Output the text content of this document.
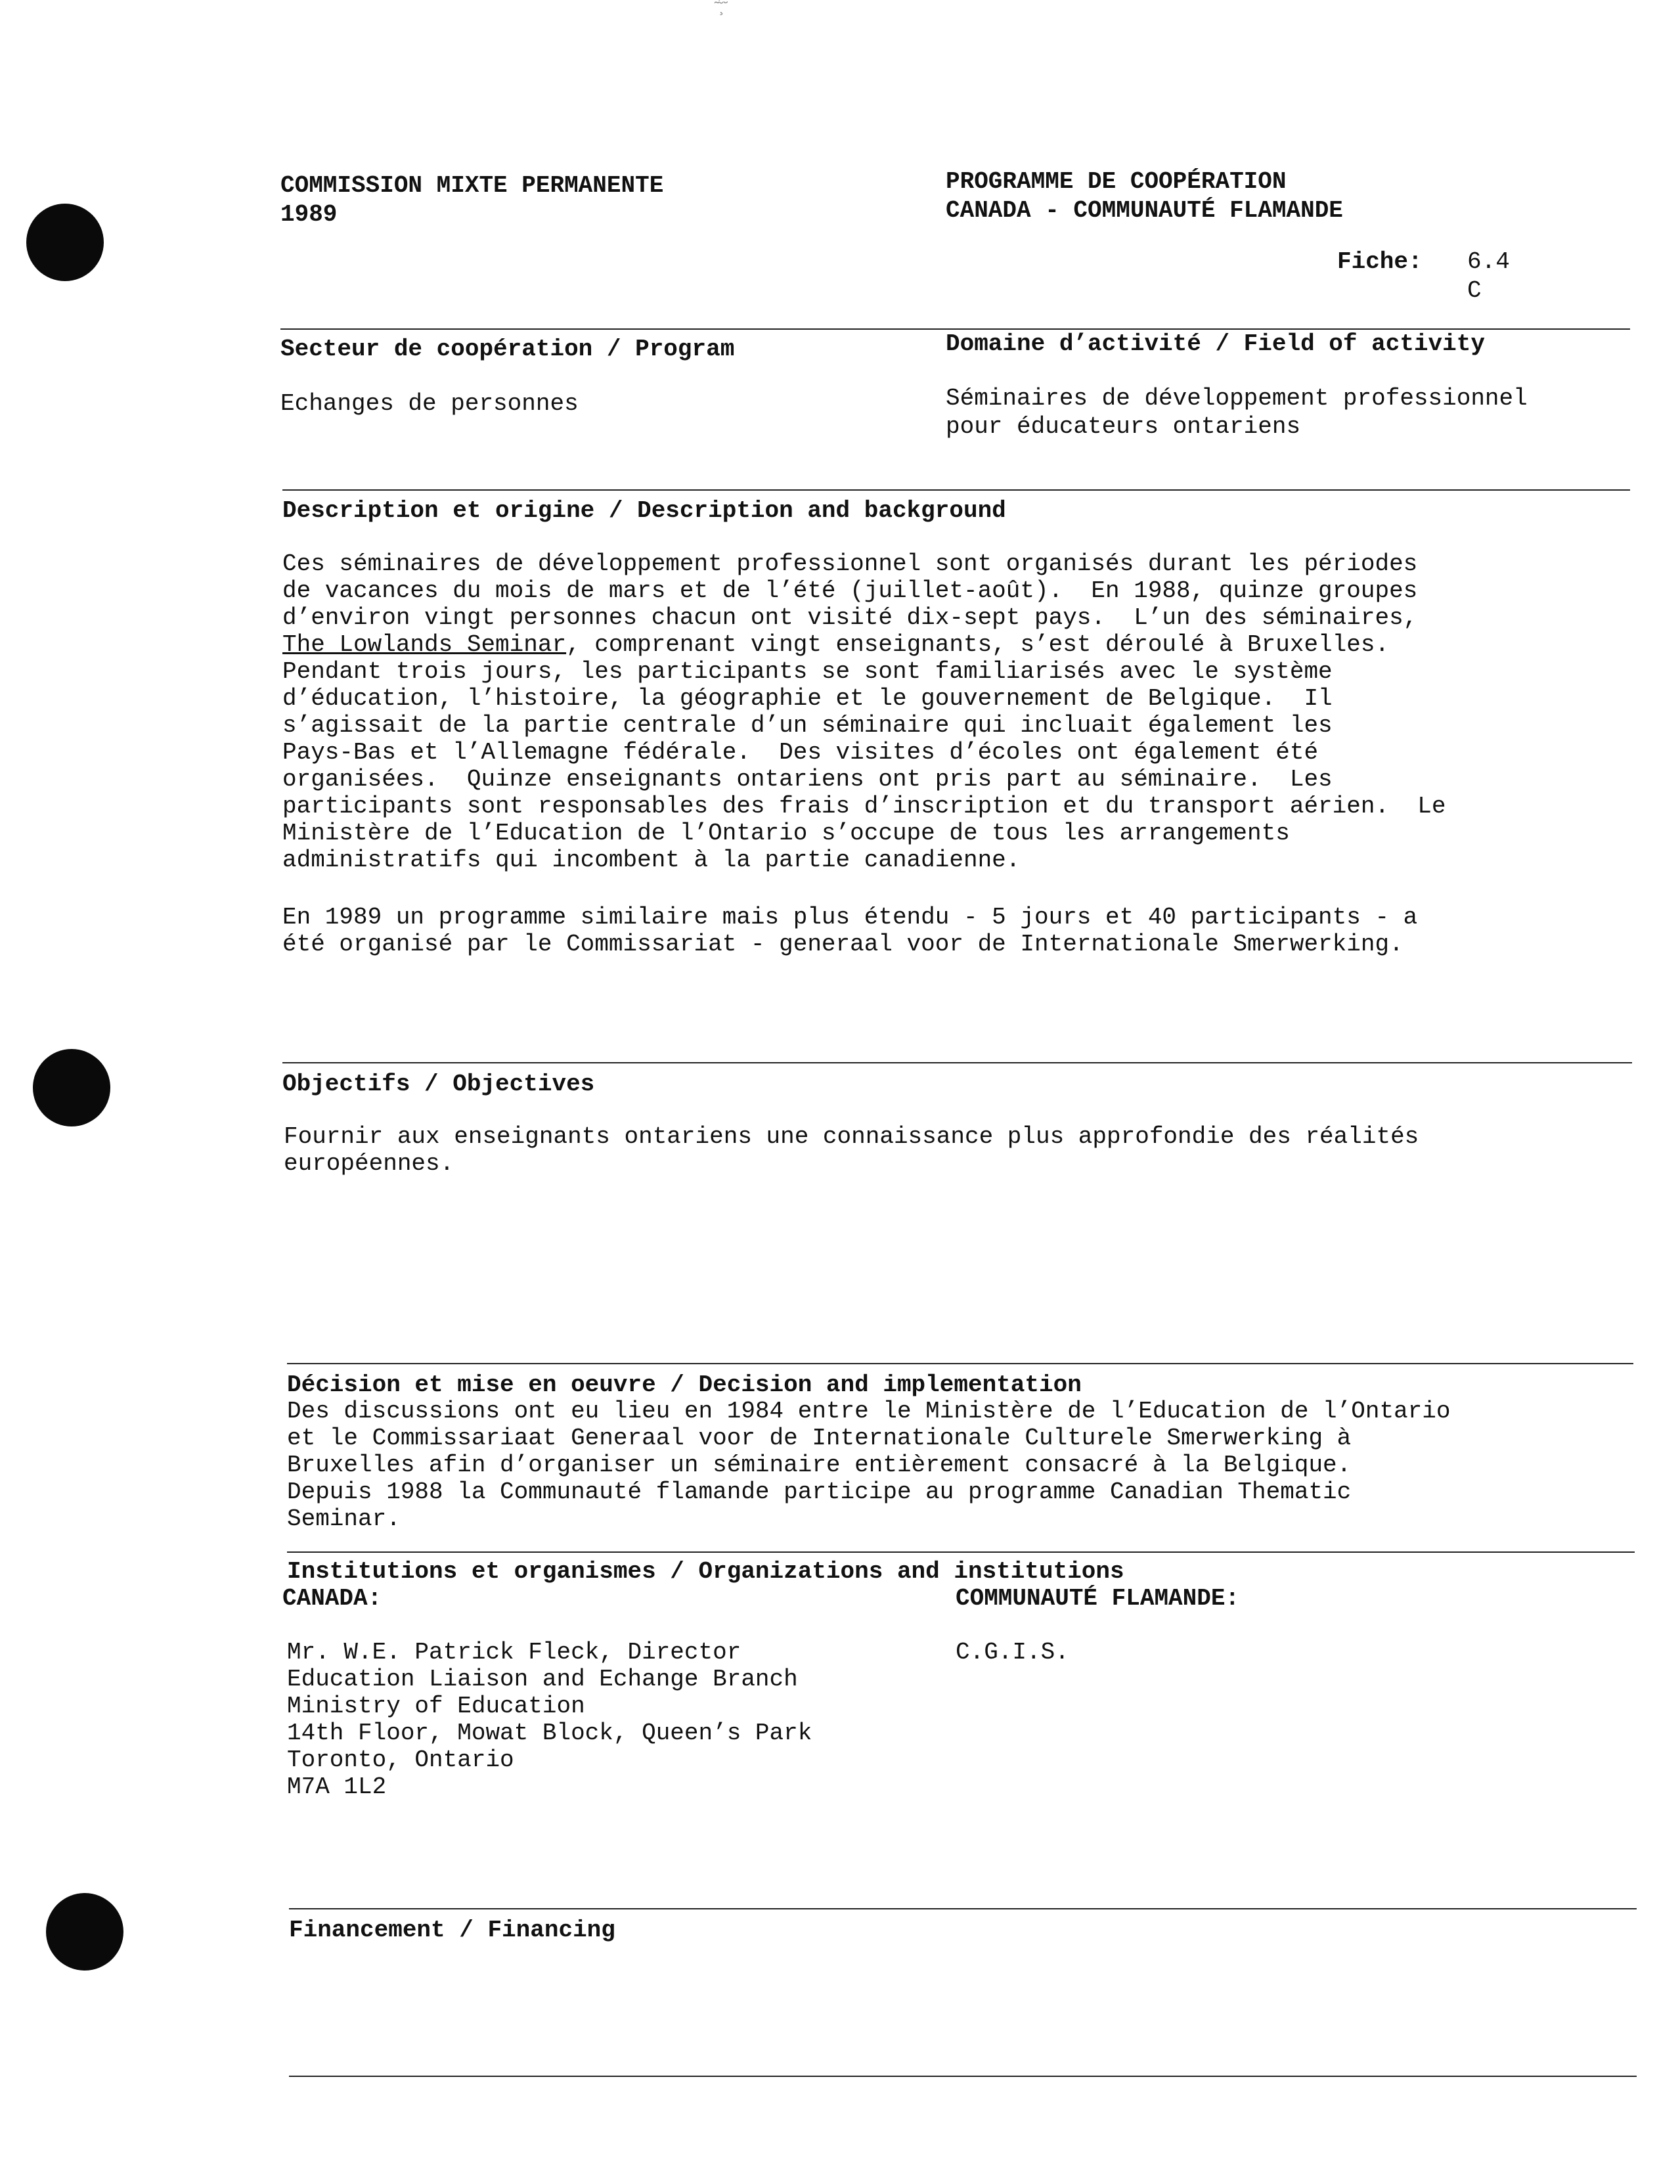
˜̧̆́˘
COMMISSION MIXTE PERMANENTE
1989
PROGRAMME DE COOPÉRATION
CANADA - COMMUNAUTÉ FLAMANDE
Fiche: 6.4
C
Secteur de coopération / Program
Echanges de personnes
Domaine d’activité / Field of activity
Séminaires de développement professionnel
pour éducateurs ontariens
Description et origine / Description and background
Ces séminaires de développement professionnel sont organisés durant les périodes
de vacances du mois de mars et de l’été (juillet-août).  En 1988, quinze groupes
d’environ vingt personnes chacun ont visité dix-sept pays.  L’un des séminaires,
The Lowlands Seminar, comprenant vingt enseignants, s’est déroulé à Bruxelles.
Pendant trois jours, les participants se sont familiarisés avec le système
d’éducation, l’histoire, la géographie et le gouvernement de Belgique.  Il
s’agissait de la partie centrale d’un séminaire qui incluait également les
Pays-Bas et l’Allemagne fédérale.  Des visites d’écoles ont également été
organisées.  Quinze enseignants ontariens ont pris part au séminaire.  Les
participants sont responsables des frais d’inscription et du transport aérien.  Le
Ministère de l’Education de l’Ontario s’occupe de tous les arrangements
administratifs qui incombent à la partie canadienne.
En 1989 un programme similaire mais plus étendu - 5 jours et 40 participants - a
été organisé par le Commissariat - generaal voor de Internationale Smerwerking.
Objectifs / Objectives
Fournir aux enseignants ontariens une connaissance plus approfondie des réalités
européennes.
Décision et mise en oeuvre / Decision and implementation
Des discussions ont eu lieu en 1984 entre le Ministère de l’Education de l’Ontario
et le Commissariaat Generaal voor de Internationale Culturele Smerwerking à
Bruxelles afin d’organiser un séminaire entièrement consacré à la Belgique.
Depuis 1988 la Communauté flamande participe au programme Canadian Thematic
Seminar.
Institutions et organismes / Organizations and institutions
CANADA:	COMMUNAUTÉ FLAMANDE:
Mr. W.E. Patrick Fleck, Director
Education Liaison and Echange Branch
Ministry of Education
14th Floor, Mowat Block, Queen’s Park
Toronto, Ontario
M7A 1L2
C.G.I.S.
Financement / Financing
